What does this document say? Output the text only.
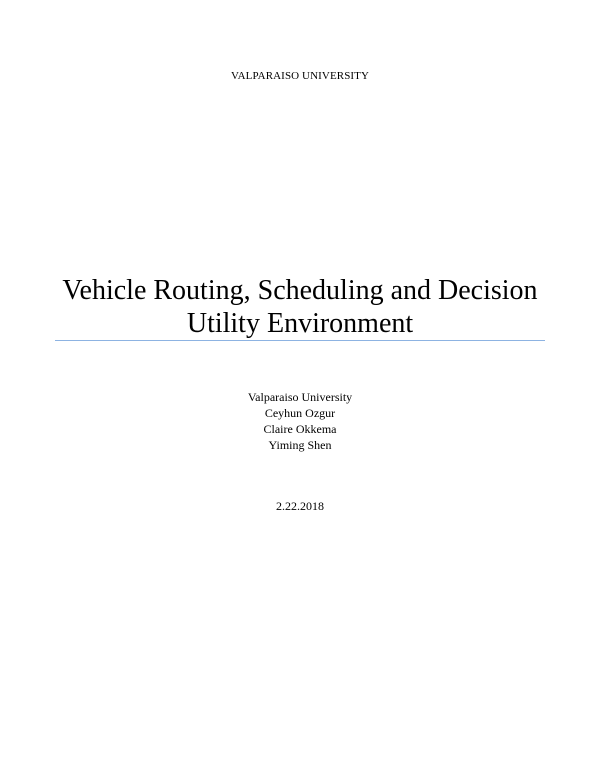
VALPARAISO UNIVERSITY
Vehicle Routing, Scheduling and Decision
Utility Environment
Valparaiso University
Ceyhun Ozgur
Claire Okkema
Yiming Shen
2.22.2018
